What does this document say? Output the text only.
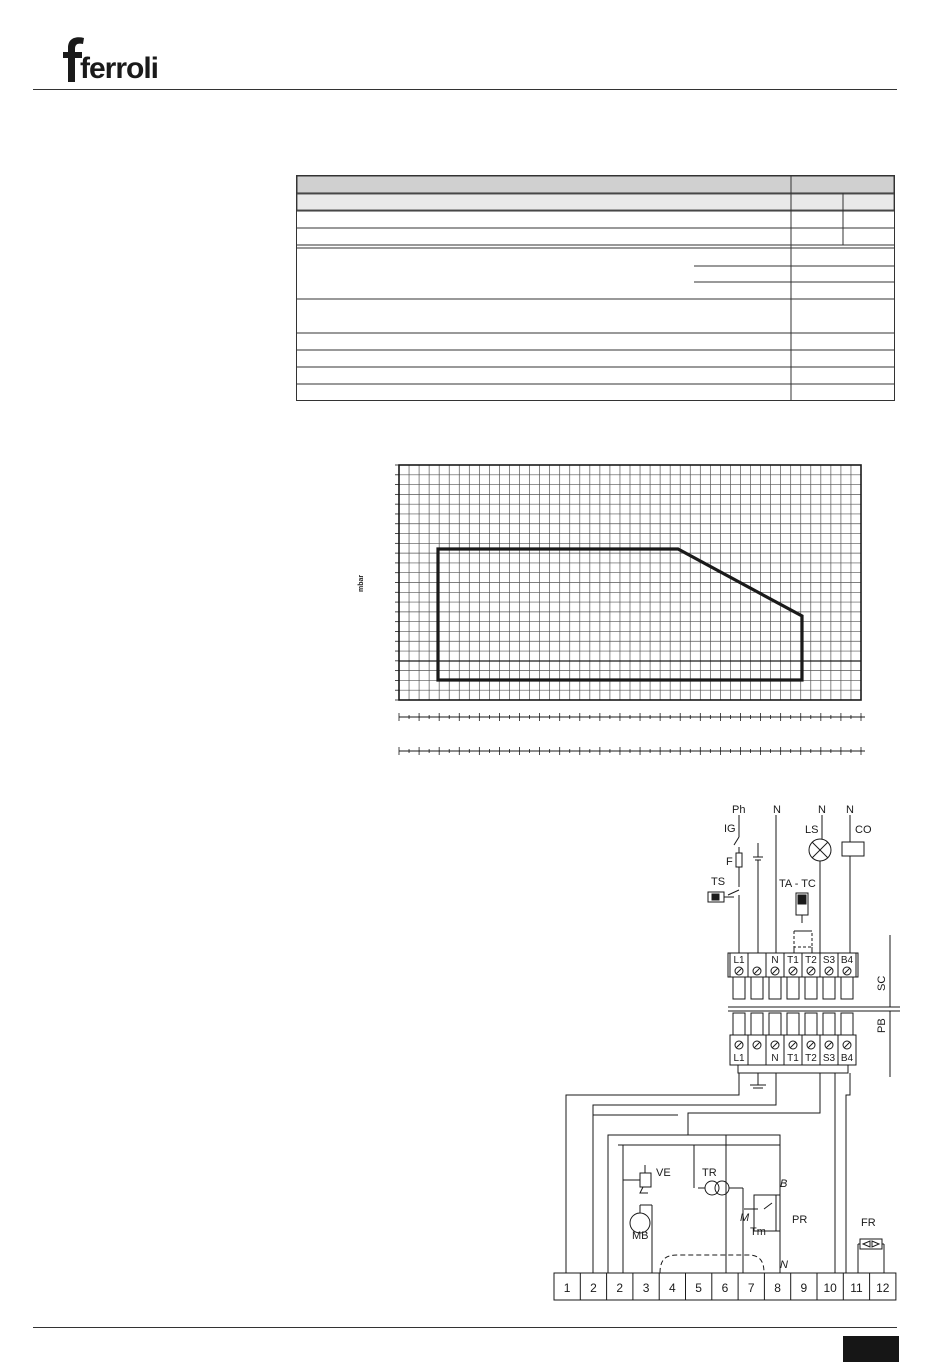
ferroli
mbar
Ph	N	N N
IG
F
TS
LS	CO
TA - TC
VE	TR
MB
PR
Tm
B
M
N
FR
SC
PB
L1	N T1 T2 S3 B4
L1	N T1 T2 S3 B4
1 2 2 3 4 5 6 7 8 9 10 11 12
